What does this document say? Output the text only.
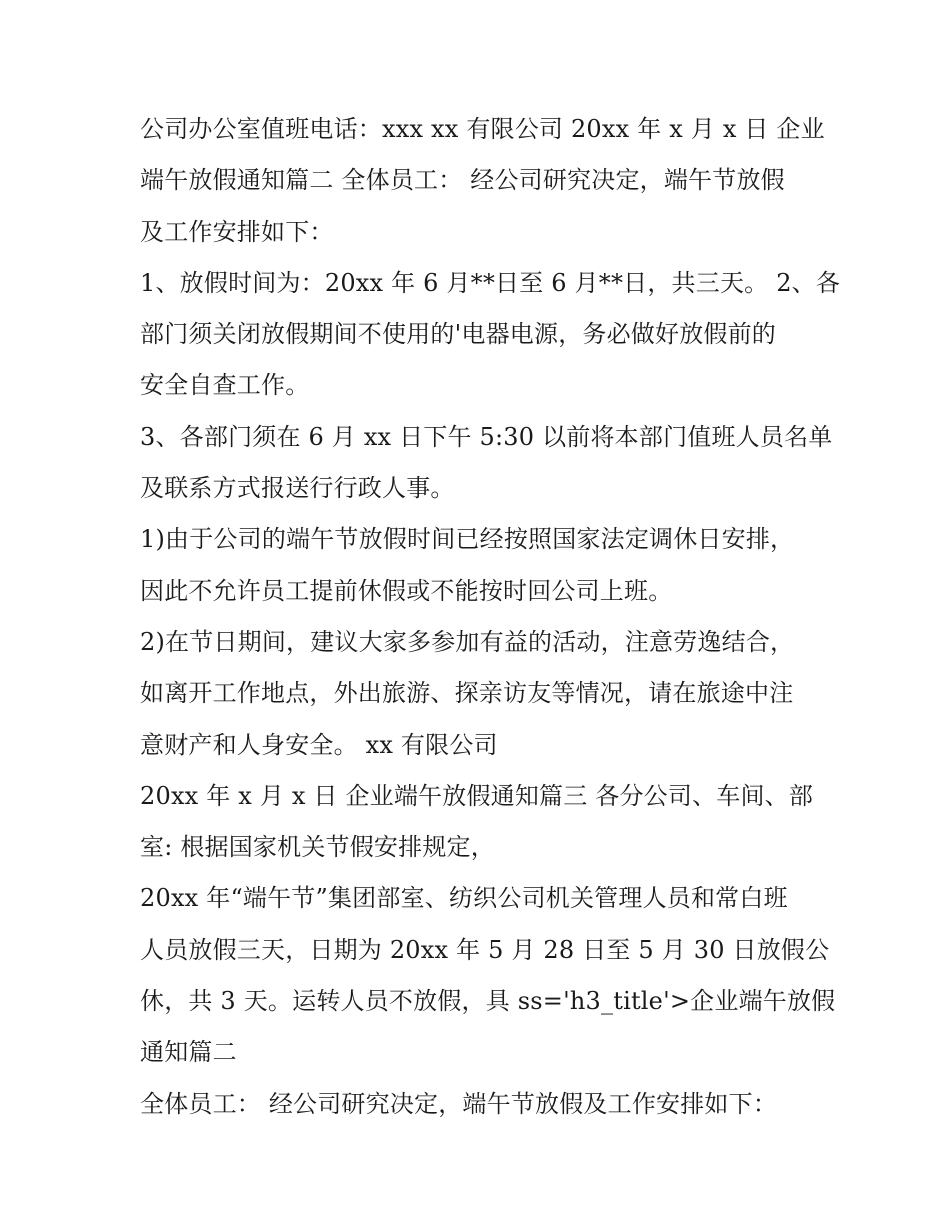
公司办公室值班电话：xxx xx 有限公司 20xx 年 x 月 x 日 企业
端午放假通知篇二 全体员工： 经公司研究决定，端午节放假
及工作安排如下：
1、放假时间为：20xx 年 6 月**日至 6 月**日，共三天。 2、各
部门须关闭放假期间不使用的'电器电源，务必做好放假前的
安全自查工作。
3、各部门须在 6 月 xx 日下午 5:30 以前将本部门值班人员名单
及联系方式报送行行政人事。
1)由于公司的端午节放假时间已经按照国家法定调休日安排，
因此不允许员工提前休假或不能按时回公司上班。
2)在节日期间，建议大家多参加有益的活动，注意劳逸结合，
如离开工作地点，外出旅游、探亲访友等情况，请在旅途中注
意财产和人身安全。 xx 有限公司
20xx 年 x 月 x 日 企业端午放假通知篇三 各分公司、车间、部
室: 根据国家机关节假安排规定，
20xx 年“端午节”集团部室、纺织公司机关管理人员和常白班
人员放假三天，日期为 20xx 年 5 月 28 日至 5 月 30 日放假公
休，共 3 天。运转人员不放假，具 ss='h3_title'>企业端午放假
通知篇二
全体员工： 经公司研究决定，端午节放假及工作安排如下：
